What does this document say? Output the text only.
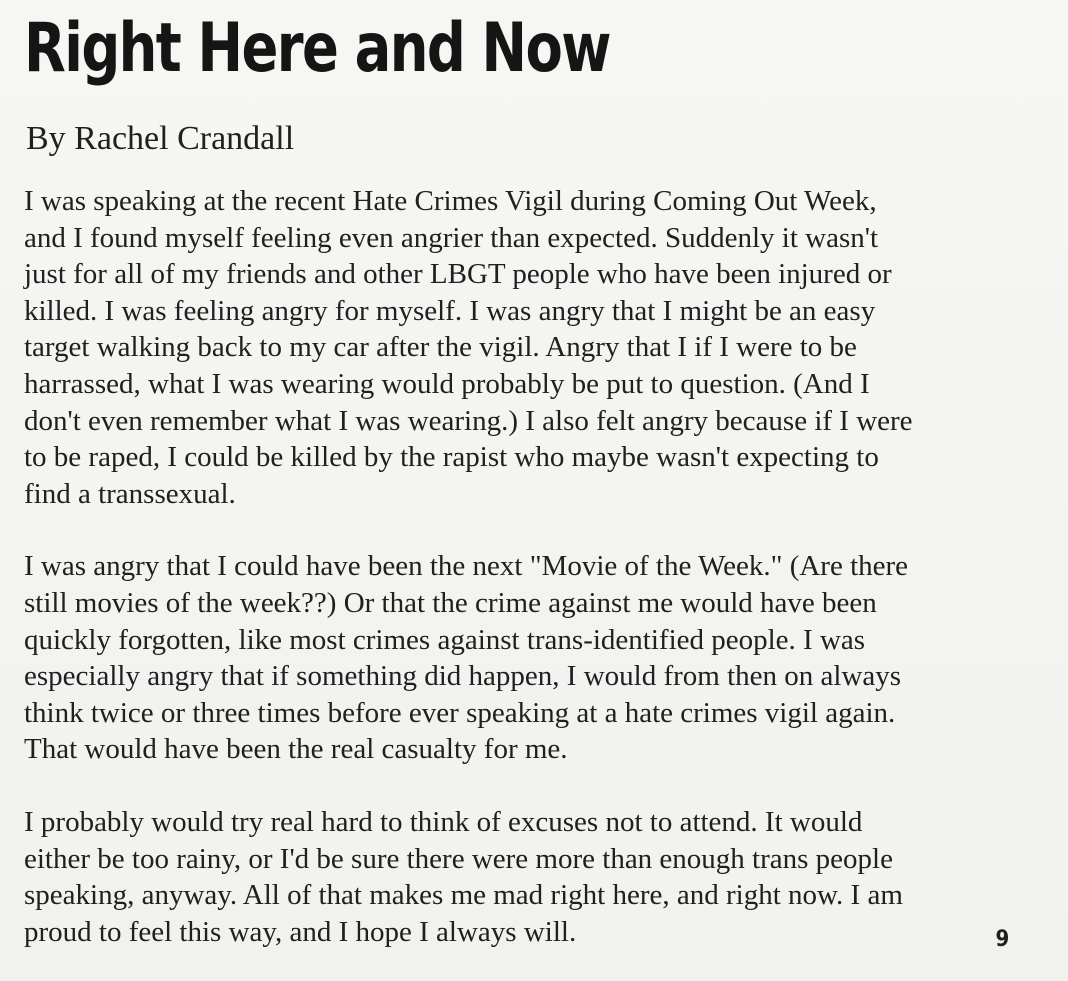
Right Here and Now
By Rachel Crandall

I was speaking at the recent Hate Crimes Vigil during Coming Out Week,
and I found myself feeling even angrier than expected. Suddenly it wasn't
just for all of my friends and other LBGT people who have been injured or
killed. I was feeling angry for myself. I was angry that I might be an easy
target walking back to my car after the vigil. Angry that I if I were to be
harrassed, what I was wearing would probably be put to question. (And I
don't even remember what I was wearing.) I also felt angry because if I were
to be raped, I could be killed by the rapist who maybe wasn't expecting to
find a transsexual.

I was angry that I could have been the next "Movie of the Week." (Are there
still movies of the week??) Or that the crime against me would have been
quickly forgotten, like most crimes against trans-identified people. I was
especially angry that if something did happen, I would from then on always
think twice or three times before ever speaking at a hate crimes vigil again.
That would have been the real casualty for me.

I probably would try real hard to think of excuses not to attend. It would
either be too rainy, or I'd be sure there were more than enough trans people
speaking, anyway. All of that makes me mad right here, and right now. I am
proud to feel this way, and I hope I always will.	9
